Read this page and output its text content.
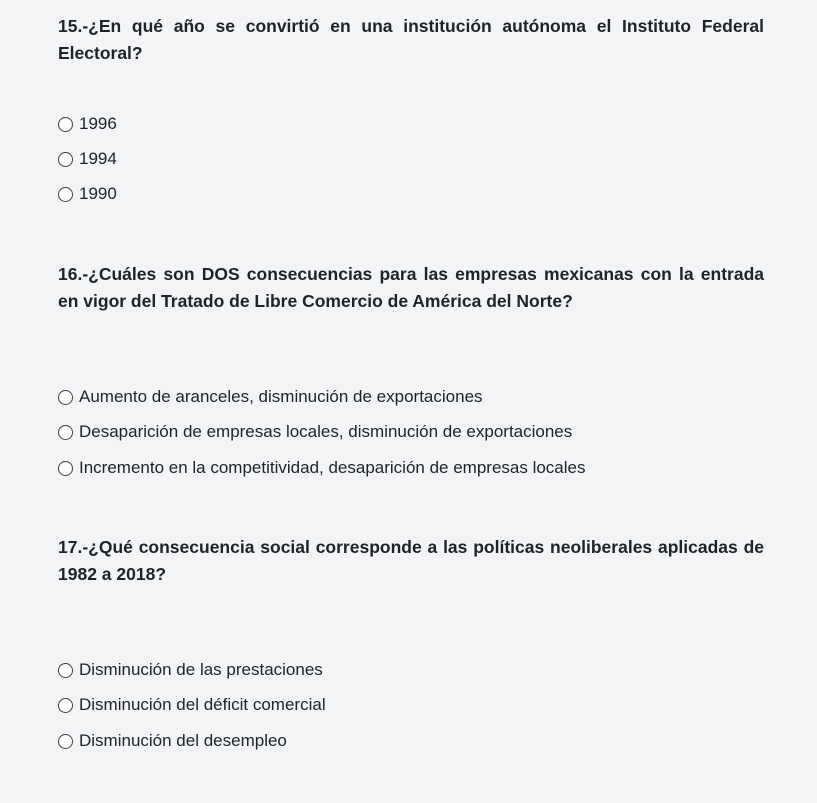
15.-¿En qué año se convirtió en una institución autónoma el Instituto Federal Electoral?
1996
1994
1990
16.-¿Cuáles son DOS consecuencias para las empresas mexicanas con la entrada en vigor del Tratado de Libre Comercio de América del Norte?
Aumento de aranceles, disminución de exportaciones
Desaparición de empresas locales, disminución de exportaciones
Incremento en la competitividad, desaparición de empresas locales
17.-¿Qué consecuencia social corresponde a las políticas neoliberales aplicadas de 1982 a 2018?
Disminución de las prestaciones
Disminución del déficit comercial
Disminución del desempleo
